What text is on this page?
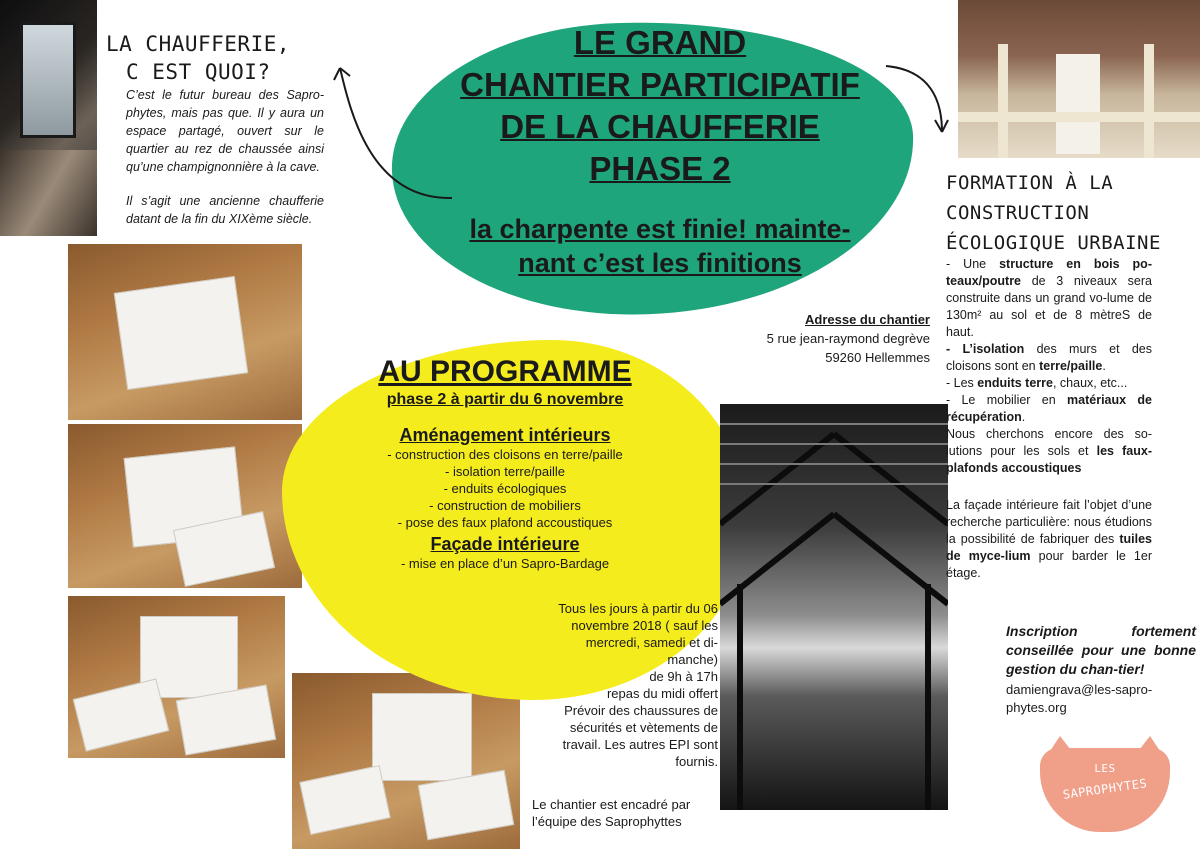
LE GRAND
CHANTIER PARTICIPATIF
DE LA CHAUFFERIE
PHASE 2
la charpente est finie! mainte-
nant c’est les finitions
LA CHAUFFERIE,
C EST QUOI?
C’est le futur bureau des Sapro-phytes, mais pas que. Il y aura un espace partagé, ouvert sur le quartier au rez de chaussée ainsi qu’une champignonnière à la cave.
Il s’agit une ancienne chaufferie datant de la fin du XIXème siècle.
Adresse du chantier
5 rue jean-raymond degrève
59260 Hellemmes
AU PROGRAMME
phase 2 à partir du 6 novembre
Aménagement intérieurs
- construction des cloisons en terre/paille
- isolation terre/paille
- enduits écologiques
- construction de mobiliers
- pose des faux plafond accoustiques
Façade intérieure
- mise en place d’un Sapro-Bardage
Tous les jours à partir du 06
novembre 2018 ( sauf les
mercredi, samedi et di-
manche)
de 9h à 17h
repas du midi offert
Prévoir des chaussures de
sécurités et vètements de
travail. Les autres EPI sont
fournis.
Le chantier est encadré par
l’équipe des Saprophyttes
FORMATION À LA
CONSTRUCTION
ÉCOLOGIQUE URBAINE
- Une structure en bois po-teaux/poutre de 3 niveaux sera construite dans un grand vo-lume de 130m² au sol et de 8 mètreS de haut.
- L’isolation des murs et des cloisons sont en terre/paille.
- Les enduits terre, chaux, etc...
- Le mobilier en matériaux de récupération.
Nous cherchons encore des so-lutions pour les sols et les faux-plafonds accoustiques
La façade intérieure fait l’objet d’une recherche particulière: nous étudions la possibilité de fabriquer des tuiles de myce-lium pour barder le 1er étage.
Inscription fortement conseillée pour une bonne gestion du chan-tier!
damiengrava@les-sapro-phytes.org
LES
SAPROPHYTES
